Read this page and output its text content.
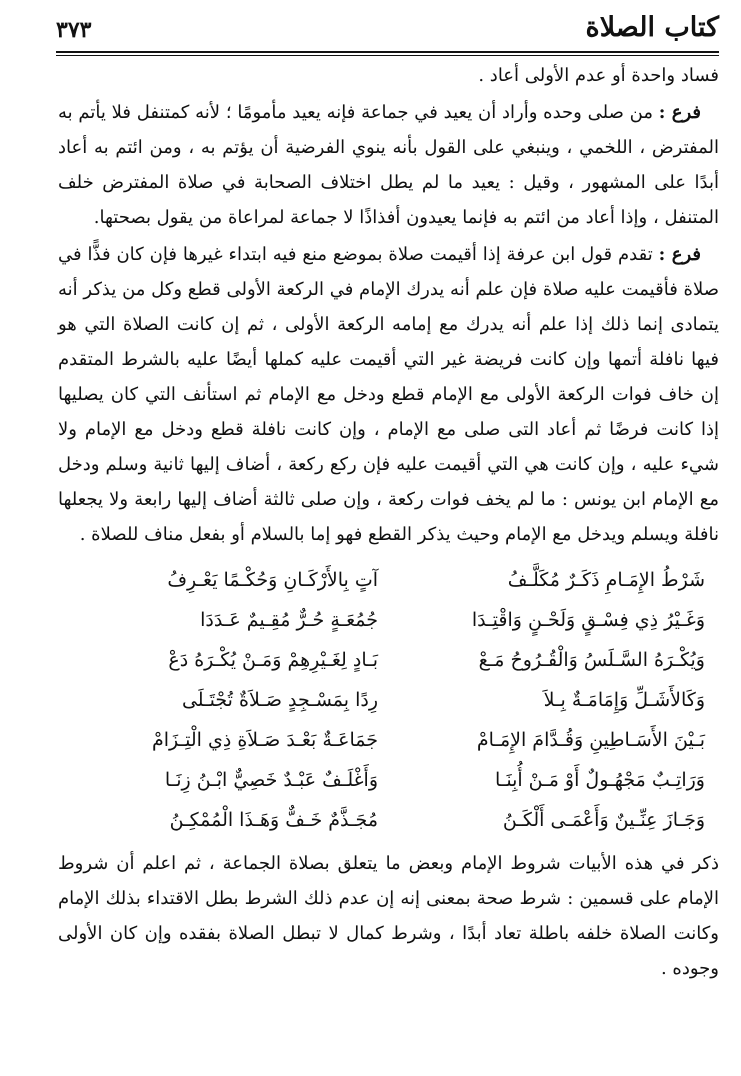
كتاب الصلاة
٣٧٣

فساد واحدة أو عدم الأولى أعاد .

فرع : من صلى وحده وأراد أن يعيد في جماعة فإنه يعيد مأمومًا ؛ لأنه كمتنفل فلا يأتم به المفترض ، اللخمي ، وينبغي على القول بأنه ينوي الفرضية أن يؤتم به ، ومن ائتم به أعاد أبدًا على المشهور ، وقيل : يعيد ما لم يطل اختلاف الصحابة في صلاة المفترض خلف المتنفل ، وإذا أعاد من ائتم به فإنما يعيدون أفذاذًا لا جماعة لمراعاة من يقول بصحتها.

فرع : تقدم قول ابن عرفة إذا أقيمت صلاة بموضع منع فيه ابتداء غيرها فإن كان فذًّا في صلاة فأقيمت عليه صلاة فإن علم أنه يدرك الإمام في الركعة الأولى قطع وكل من يذكر أنه يتمادى إنما ذلك إذا علم أنه يدرك مع إمامه الركعة الأولى ، ثم إن كانت الصلاة التي هو فيها نافلة أتمها وإن كانت فريضة غير التي أقيمت عليه كملها أيضًا عليه بالشرط المتقدم إن خاف فوات الركعة الأولى مع الإمام قطع ودخل مع الإمام ثم استأنف التي كان يصليها إذا كانت فرضًا ثم أعاد التى صلى مع الإمام ، وإن كانت نافلة قطع ودخل مع الإمام ولا شيء عليه ، وإن كانت هي التي أقيمت عليه فإن ركع ركعة ، أضاف إليها ثانية وسلم ودخل مع الإمام ابن يونس : ما لم يخف فوات ركعة ، وإن صلى ثالثة أضاف إليها رابعة ولا يجعلها نافلة ويسلم ويدخل مع الإمام وحيث يذكر القطع فهو إما بالسلام أو بفعل مناف للصلاة .

شَرْطُ الإِمَـامِ ذَكَـرٌ مُكَلَّـفُ
آتٍ بِالأَرْكَـانِ وَحُكْـمًا يَعْـرِفُ
وَغَـيْرُ ذِي فِسْـقٍ وَلَحْـنٍ وَاقْتِـدَا
جُمُعَـةٍ حُـرٌّ مُقِـيمٌ عَـدَدَا
وَيُكْـرَهُ السَّـلَسُ وَالْقُـرُوحُ مَـعْ
بَـادٍ لِغَـيْرِهِمْ وَمَـنْ يُكْـرَهُ دَعْ
وَكَالأَشَـلِّ وَإِمَامَـةٌ بِـلاَ
رِدًا بِمَسْـجِدٍ صَـلاَةٌ تُجْتَـلَى
بَـيْنَ الأَسَـاطِينِ وَقُـدَّامَ الإِمَـامْ
جَمَاعَـةٌ بَعْـدَ صَـلاَةِ ذِي الْتِـزَامْ
وَرَاتِـبٌ مَجْهُـولٌ أَوْ مَـنْ أُبِنَـا
وَأَغْلَـفٌ عَبْـدٌ خَصِيٌّ ابْـنُ زِنَـا
وَجَـازَ عِنِّـينٌ وَأَعْمَـى أَلْكَـنُ
مُجَـذَّمٌ خَـفٌّ وَهَـذَا الْمُمْكِـنُ

ذكر في هذه الأبيات شروط الإمام وبعض ما يتعلق بصلاة الجماعة ، ثم اعلم أن شروط الإمام على قسمين : شرط صحة بمعنى إنه إن عدم ذلك الشرط بطل الاقتداء بذلك الإمام وكانت الصلاة خلفه باطلة تعاد أبدًا ، وشرط كمال لا تبطل الصلاة بفقده وإن كان الأولى وجوده .
